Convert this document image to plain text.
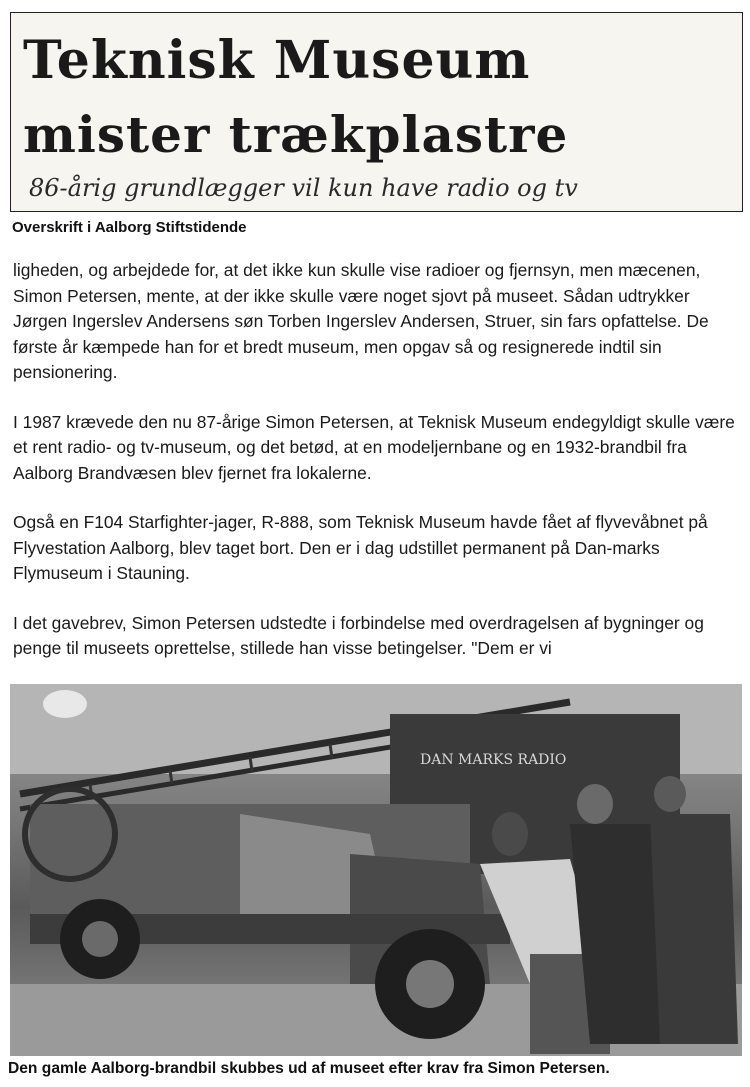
Teknisk Museum
mister trækplastre
86-årig grundlægger vil kun have radio og tv
Overskrift i Aalborg Stiftstidende

ligheden, og arbejdede for, at det ikke kun skulle vise radioer og fjernsyn, men mæcenen, Simon Petersen, mente, at der ikke skulle være noget sjovt på museet. Sådan udtrykker Jørgen Ingerslev Andersens søn Torben Ingerslev Andersen, Struer, sin fars opfattelse. De første år kæmpede han for et bredt museum, men opgav så og resignerede indtil sin pensionering.

I 1987 krævede den nu 87-årige Simon Petersen, at Teknisk Museum endegyldigt skulle være et rent radio- og tv-museum, og det betød, at en modeljernbane og en 1932-brandbil fra Aalborg Brandvæsen blev fjernet fra lokalerne.

Også en F104 Starfighter-jager, R-888, som Teknisk Museum havde fået af flyvevåbnet på Flyvestation Aalborg, blev taget bort. Den er i dag udstillet permanent på Dan-marks Flymuseum i Stauning.

I det gavebrev, Simon Petersen udstedte i forbindelse med overdragelsen af bygninger og penge til museets oprettelse, stillede han visse betingelser. "Dem er vi

DAN MARKS RADIO
Den gamle Aalborg-brandbil skubbes ud af museet efter krav fra Simon Petersen.
